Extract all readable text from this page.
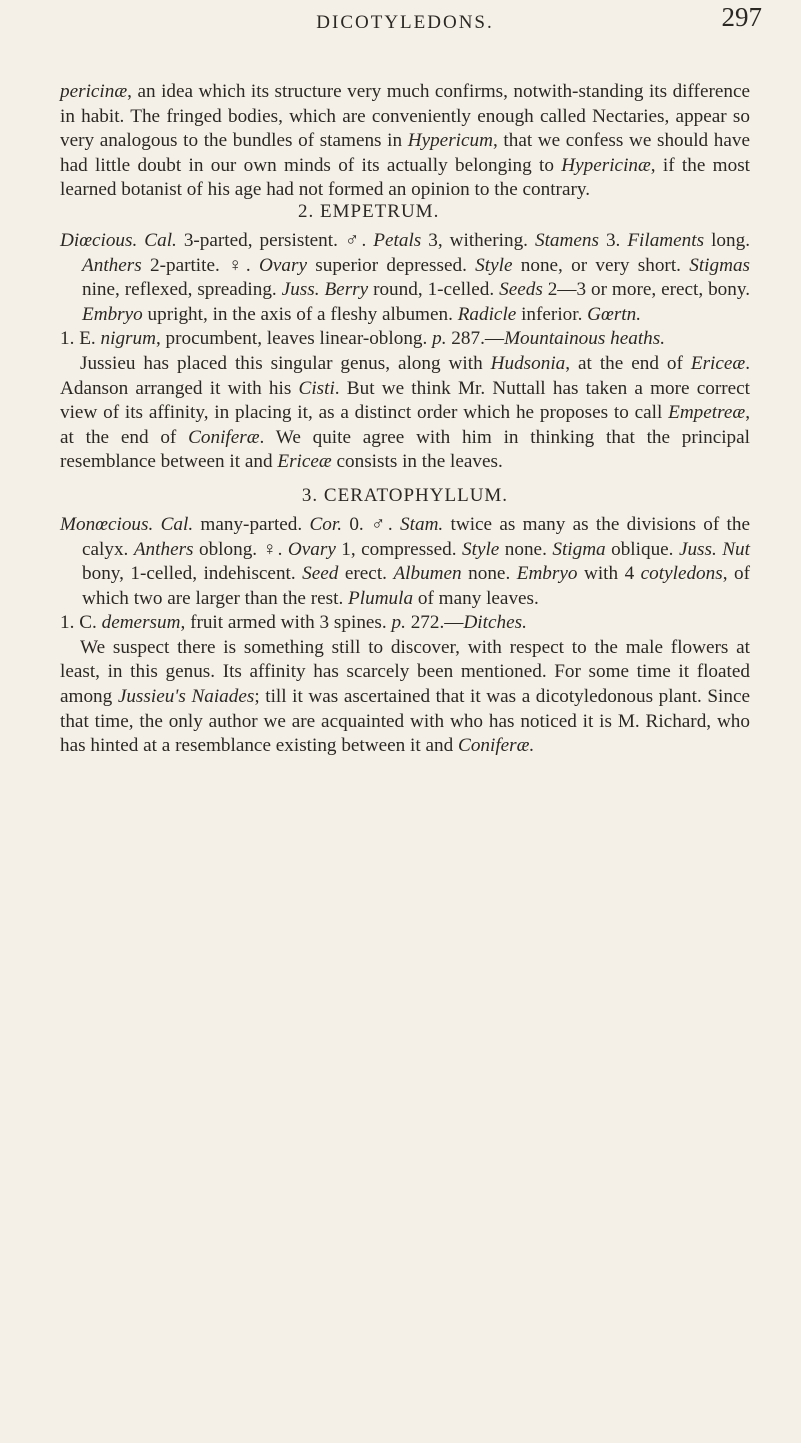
DICOTYLEDONS.	297

pericinæ, an idea which its structure very much confirms, notwith-standing its difference in habit. The fringed bodies, which are conveniently enough called Nectaries, appear so very analogous to the bundles of stamens in Hypericum, that we confess we should have had little doubt in our own minds of its actually belonging to Hypericinæ, if the most learned botanist of his age had not formed an opinion to the contrary.

2. EMPETRUM.

Diœcious. Cal. 3-parted, persistent. ♂. Petals 3, withering. Stamens 3. Filaments long. Anthers 2-partite. ♀. Ovary superior depressed. Style none, or very short. Stigmas nine, reflexed, spreading. Juss. Berry round, 1-celled. Seeds 2—3 or more, erect, bony. Embryo upright, in the axis of a fleshy albumen. Radicle inferior. Gœrtn.

1. E. nigrum, procumbent, leaves linear-oblong. p. 287.—Mountainous heaths.

Jussieu has placed this singular genus, along with Hudsonia, at the end of Ericeæ. Adanson arranged it with his Cisti. But we think Mr. Nuttall has taken a more correct view of its affinity, in placing it, as a distinct order which he proposes to call Empetreæ, at the end of Coniferæ. We quite agree with him in thinking that the principal resemblance between it and Ericeæ consists in the leaves.

3. CERATOPHYLLUM.

Monœcious. Cal. many-parted. Cor. 0. ♂. Stam. twice as many as the divisions of the calyx. Anthers oblong. ♀. Ovary 1, compressed. Style none. Stigma oblique. Juss. Nut bony, 1-celled, indehiscent. Seed erect. Albumen none. Embryo with 4 cotyledons, of which two are larger than the rest. Plumula of many leaves.

1. C. demersum, fruit armed with 3 spines. p. 272.—Ditches.

We suspect there is something still to discover, with respect to the male flowers at least, in this genus. Its affinity has scarcely been mentioned. For some time it floated among Jussieu's Naiades; till it was ascertained that it was a dicotyledonous plant. Since that time, the only author we are acquainted with who has noticed it is M. Richard, who has hinted at a resemblance existing between it and Coniferæ.
